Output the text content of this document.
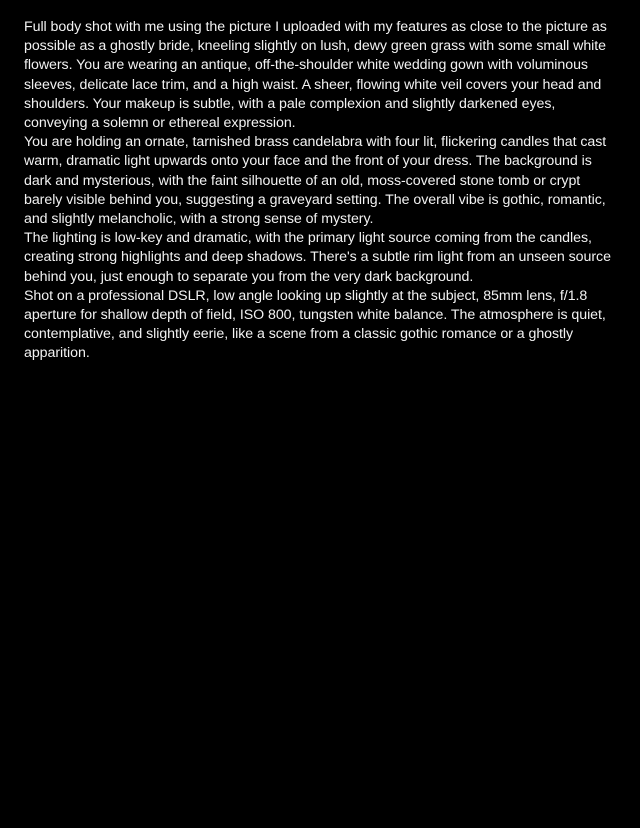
Full body shot with me using the picture I uploaded with my features as close to the picture as possible as a ghostly bride, kneeling slightly on lush, dewy green grass with some small white flowers. You are wearing an antique, off-the-shoulder white wedding gown with voluminous sleeves, delicate lace trim, and a high waist. A sheer, flowing white veil covers your head and shoulders. Your makeup is subtle, with a pale complexion and slightly darkened eyes, conveying a solemn or ethereal expression.

You are holding an ornate, tarnished brass candelabra with four lit, flickering candles that cast warm, dramatic light upwards onto your face and the front of your dress. The background is dark and mysterious, with the faint silhouette of an old, moss-covered stone tomb or crypt barely visible behind you, suggesting a graveyard setting. The overall vibe is gothic, romantic, and slightly melancholic, with a strong sense of mystery.

The lighting is low-key and dramatic, with the primary light source coming from the candles, creating strong highlights and deep shadows. There's a subtle rim light from an unseen source behind you, just enough to separate you from the very dark background.

Shot on a professional DSLR, low angle looking up slightly at the subject, 85mm lens, f/1.8 aperture for shallow depth of field, ISO 800, tungsten white balance. The atmosphere is quiet, contemplative, and slightly eerie, like a scene from a classic gothic romance or a ghostly apparition.
